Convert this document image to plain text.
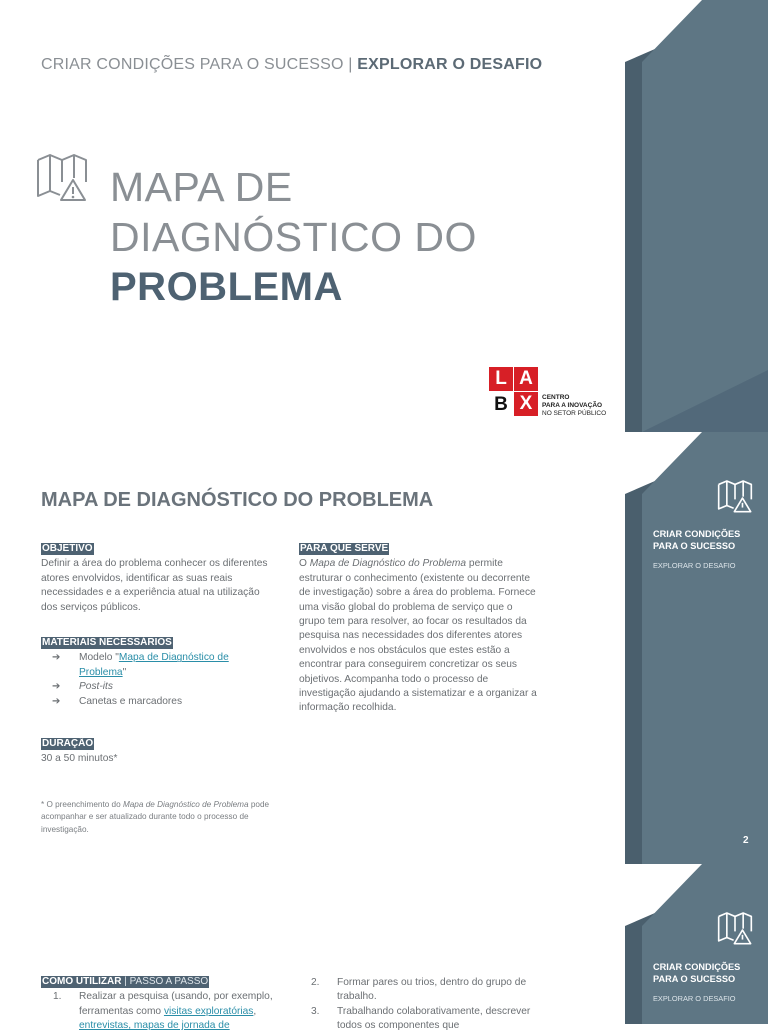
CRIAR CONDIÇÕES PARA O SUCESSO | EXPLORAR O DESAFIO
MAPA DE
DIAGNÓSTICO DO
PROBLEMA
L A
B X	CENTRO
PARA A INOVAÇÃO
NO SETOR PÚBLICO
CRIAR CONDIÇÕES
PARA O SUCESSO
EXPLORAR O DESAFIO
2
MAPA DE DIAGNÓSTICO DO PROBLEMA
OBJETIVO

Definir a área do problema conhecer os diferentes atores envolvidos, identificar as suas reais necessidades e a experiência atual na utilização dos serviços públicos.

MATERIAIS NECESSÁRIOS
➔ Modelo "Mapa de Diagnóstico de Problema"
➔ Post-its
➔ Canetas e marcadores
DURAÇÃO

30 a 50 minutos*

* O preenchimento do Mapa de Diagnóstico de Problema pode acompanhar e ser atualizado durante todo o processo de investigação.
PARA QUE SERVE

O Mapa de Diagnóstico do Problema permite estruturar o conhecimento (existente ou decorrente de investigação) sobre a área do problema. Fornece uma visão global do problema de serviço que o grupo tem para resolver, ao focar os resultados da pesquisa nas necessidades dos diferentes atores envolvidos e nos obstáculos que estes estão a encontrar para conseguirem concretizar os seus objetivos. Acompanha todo o processo de investigação ajudando a sistematizar e a organizar a informação recolhida.

CRIAR CONDIÇÕES
PARA O SUCESSO
EXPLORAR O DESAFIO
COMO UTILIZAR | PASSO A PASSO
1. Realizar a pesquisa (usando, por exemplo,
ferramentas como visitas exploratórias,
entrevistas, mapas de jornada de
2. Formar pares ou trios, dentro do grupo de trabalho.
3. Trabalhando colaborativamente, descrever
todos os componentes que
